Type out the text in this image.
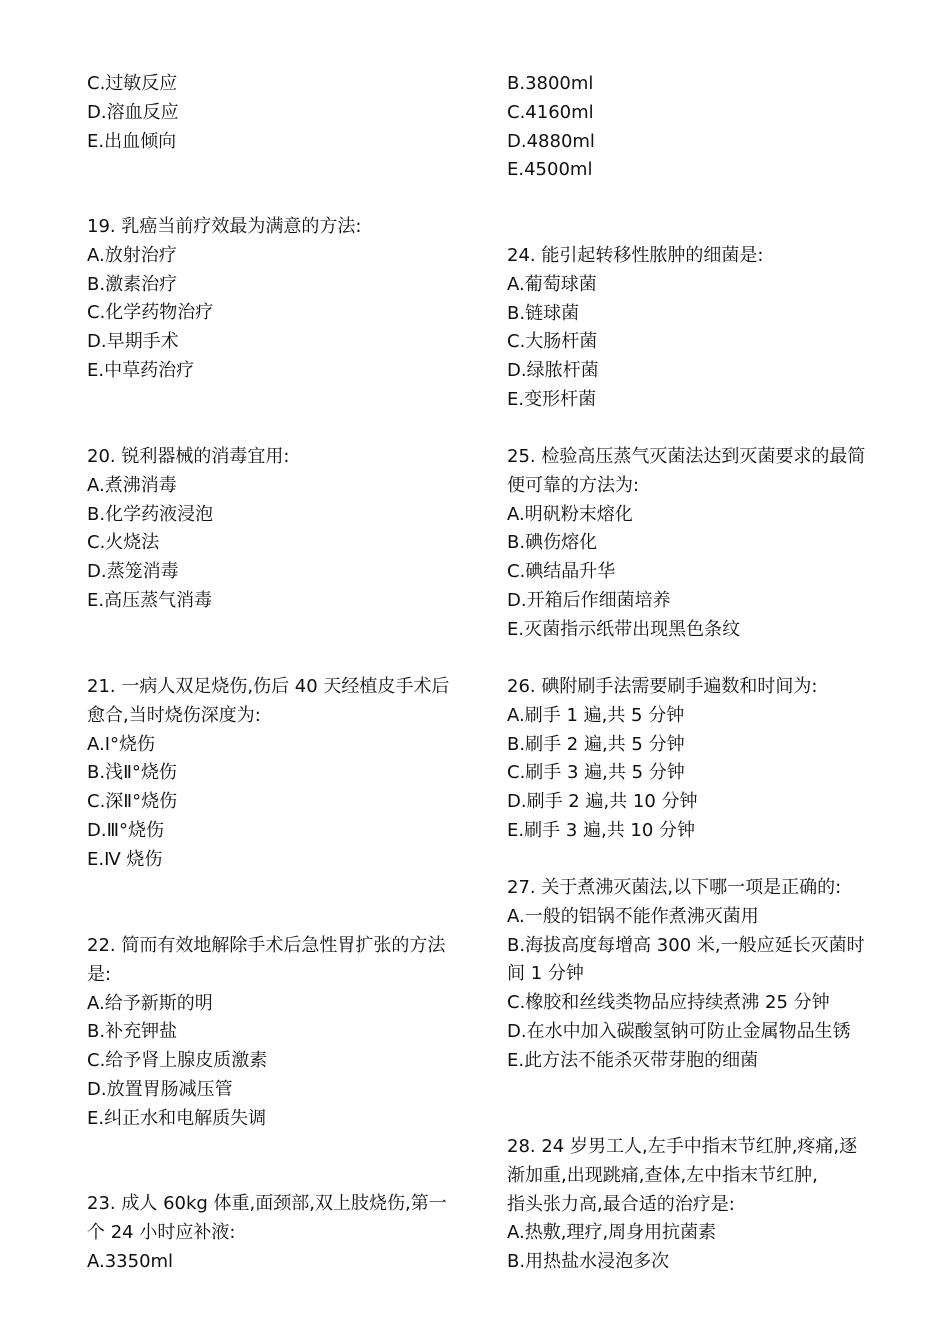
C.过敏反应
D.溶血反应
E.出血倾向
19. 乳癌当前疗效最为满意的方法:
A.放射治疗
B.激素治疗
C.化学药物治疗
D.早期手术
E.中草药治疗
20. 锐利器械的消毒宜用:
A.煮沸消毒
B.化学药液浸泡
C.火烧法
D.蒸笼消毒
E.高压蒸气消毒
21. 一病人双足烧伤,伤后 40 天经植皮手术后
愈合,当时烧伤深度为:
A.Ⅰ°烧伤
B.浅Ⅱ°烧伤
C.深Ⅱ°烧伤
D.Ⅲ°烧伤
E.Ⅳ 烧伤
22. 简而有效地解除手术后急性胃扩张的方法
是:
A.给予新斯的明
B.补充钾盐
C.给予肾上腺皮质激素
D.放置胃肠减压管
E.纠正水和电解质失调
23. 成人 60kg 体重,面颈部,双上肢烧伤,第一
个 24 小时应补液:
A.3350ml
B.3800ml
C.4160ml
D.4880ml
E.4500ml
24. 能引起转移性脓肿的细菌是:
A.葡萄球菌
B.链球菌
C.大肠杆菌
D.绿脓杆菌
E.变形杆菌
25. 检验高压蒸气灭菌法达到灭菌要求的最简
便可靠的方法为:
A.明矾粉末熔化
B.碘伤熔化
C.碘结晶升华
D.开箱后作细菌培养
E.灭菌指示纸带出现黑色条纹
26. 碘附刷手法需要刷手遍数和时间为:
A.刷手 1 遍,共 5 分钟
B.刷手 2 遍,共 5 分钟
C.刷手 3 遍,共 5 分钟
D.刷手 2 遍,共 10 分钟
E.刷手 3 遍,共 10 分钟
27. 关于煮沸灭菌法,以下哪一项是正确的:
A.一般的铝锅不能作煮沸灭菌用
B.海拔高度每增高 300 米,一般应延长灭菌时
间 1 分钟
C.橡胶和丝线类物品应持续煮沸 25 分钟
D.在水中加入碳酸氢钠可防止金属物品生锈
E.此方法不能杀灭带芽胞的细菌
28. 24 岁男工人,左手中指末节红肿,疼痛,逐
渐加重,出现跳痛,查体,左中指末节红肿,
指头张力高,最合适的治疗是:
A.热敷,理疗,周身用抗菌素
B.用热盐水浸泡多次
